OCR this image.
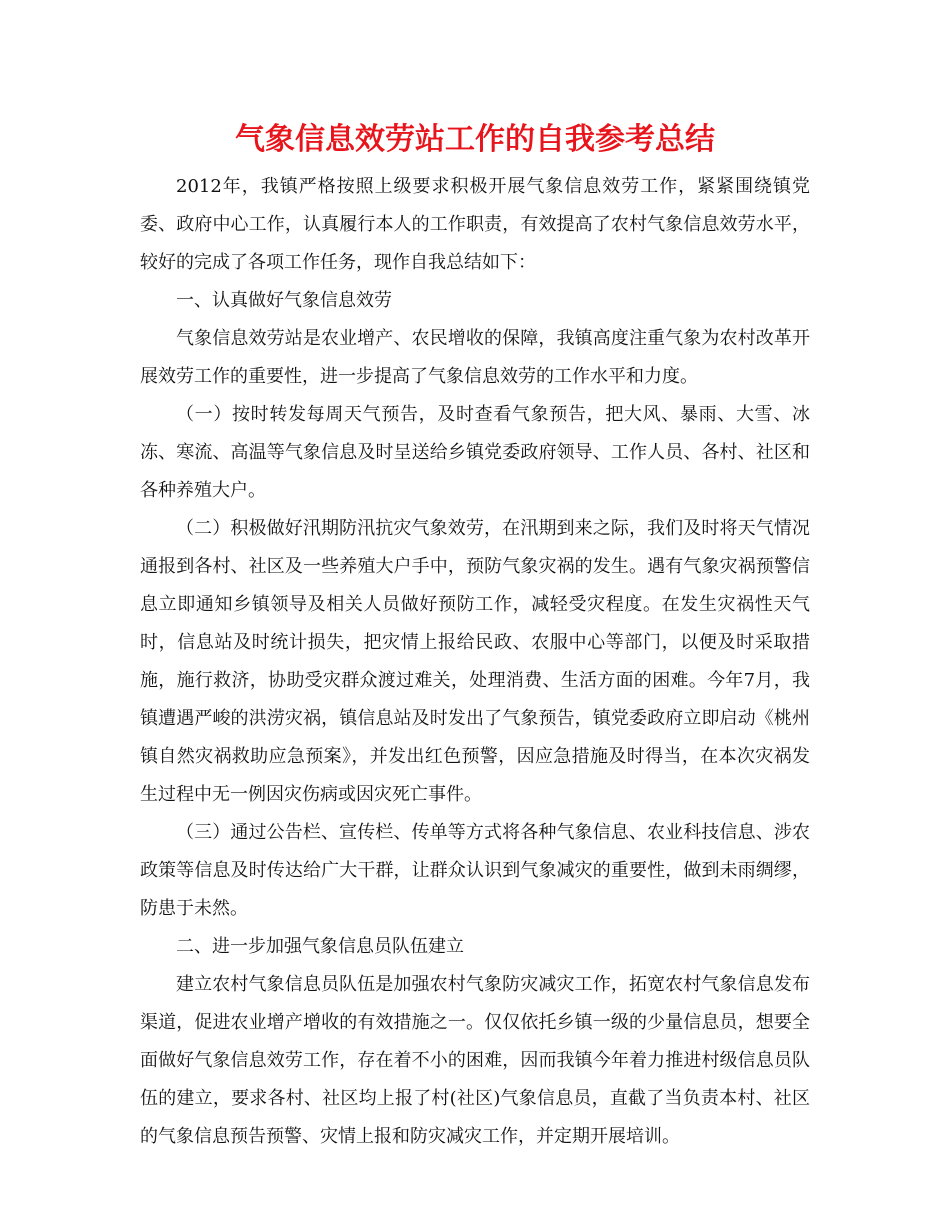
气象信息效劳站工作的自我参考总结

2012年，我镇严格按照上级要求积极开展气象信息效劳工作，紧紧围绕镇党委、政府中心工作，认真履行本人的工作职责，有效提高了农村气象信息效劳水平，较好的完成了各项工作任务，现作自我总结如下：

一、认真做好气象信息效劳

气象信息效劳站是农业增产、农民增收的保障，我镇高度注重气象为农村改革开展效劳工作的重要性，进一步提高了气象信息效劳的工作水平和力度。

（一）按时转发每周天气预告，及时查看气象预告，把大风、暴雨、大雪、冰冻、寒流、高温等气象信息及时呈送给乡镇党委政府领导、工作人员、各村、社区和各种养殖大户。

（二）积极做好汛期防汛抗灾气象效劳，在汛期到来之际，我们及时将天气情况通报到各村、社区及一些养殖大户手中，预防气象灾祸的发生。遇有气象灾祸预警信息立即通知乡镇领导及相关人员做好预防工作，减轻受灾程度。在发生灾祸性天气时，信息站及时统计损失，把灾情上报给民政、农服中心等部门，以便及时采取措施，施行救济，协助受灾群众渡过难关，处理消费、生活方面的困难。今年7月，我镇遭遇严峻的洪涝灾祸，镇信息站及时发出了气象预告，镇党委政府立即启动《桃州镇自然灾祸救助应急预案》，并发出红色预警，因应急措施及时得当，在本次灾祸发生过程中无一例因灾伤病或因灾死亡事件。

（三）通过公告栏、宣传栏、传单等方式将各种气象信息、农业科技信息、涉农政策等信息及时传达给广大干群，让群众认识到气象减灾的重要性，做到未雨绸缪，防患于未然。

二、进一步加强气象信息员队伍建立

建立农村气象信息员队伍是加强农村气象防灾减灾工作，拓宽农村气象信息发布渠道，促进农业增产增收的有效措施之一。仅仅依托乡镇一级的少量信息员，想要全面做好气象信息效劳工作，存在着不小的困难，因而我镇今年着力推进村级信息员队伍的建立，要求各村、社区均上报了村(社区)气象信息员，直截了当负责本村、社区的气象信息预告预警、灾情上报和防灾减灾工作，并定期开展培训。
